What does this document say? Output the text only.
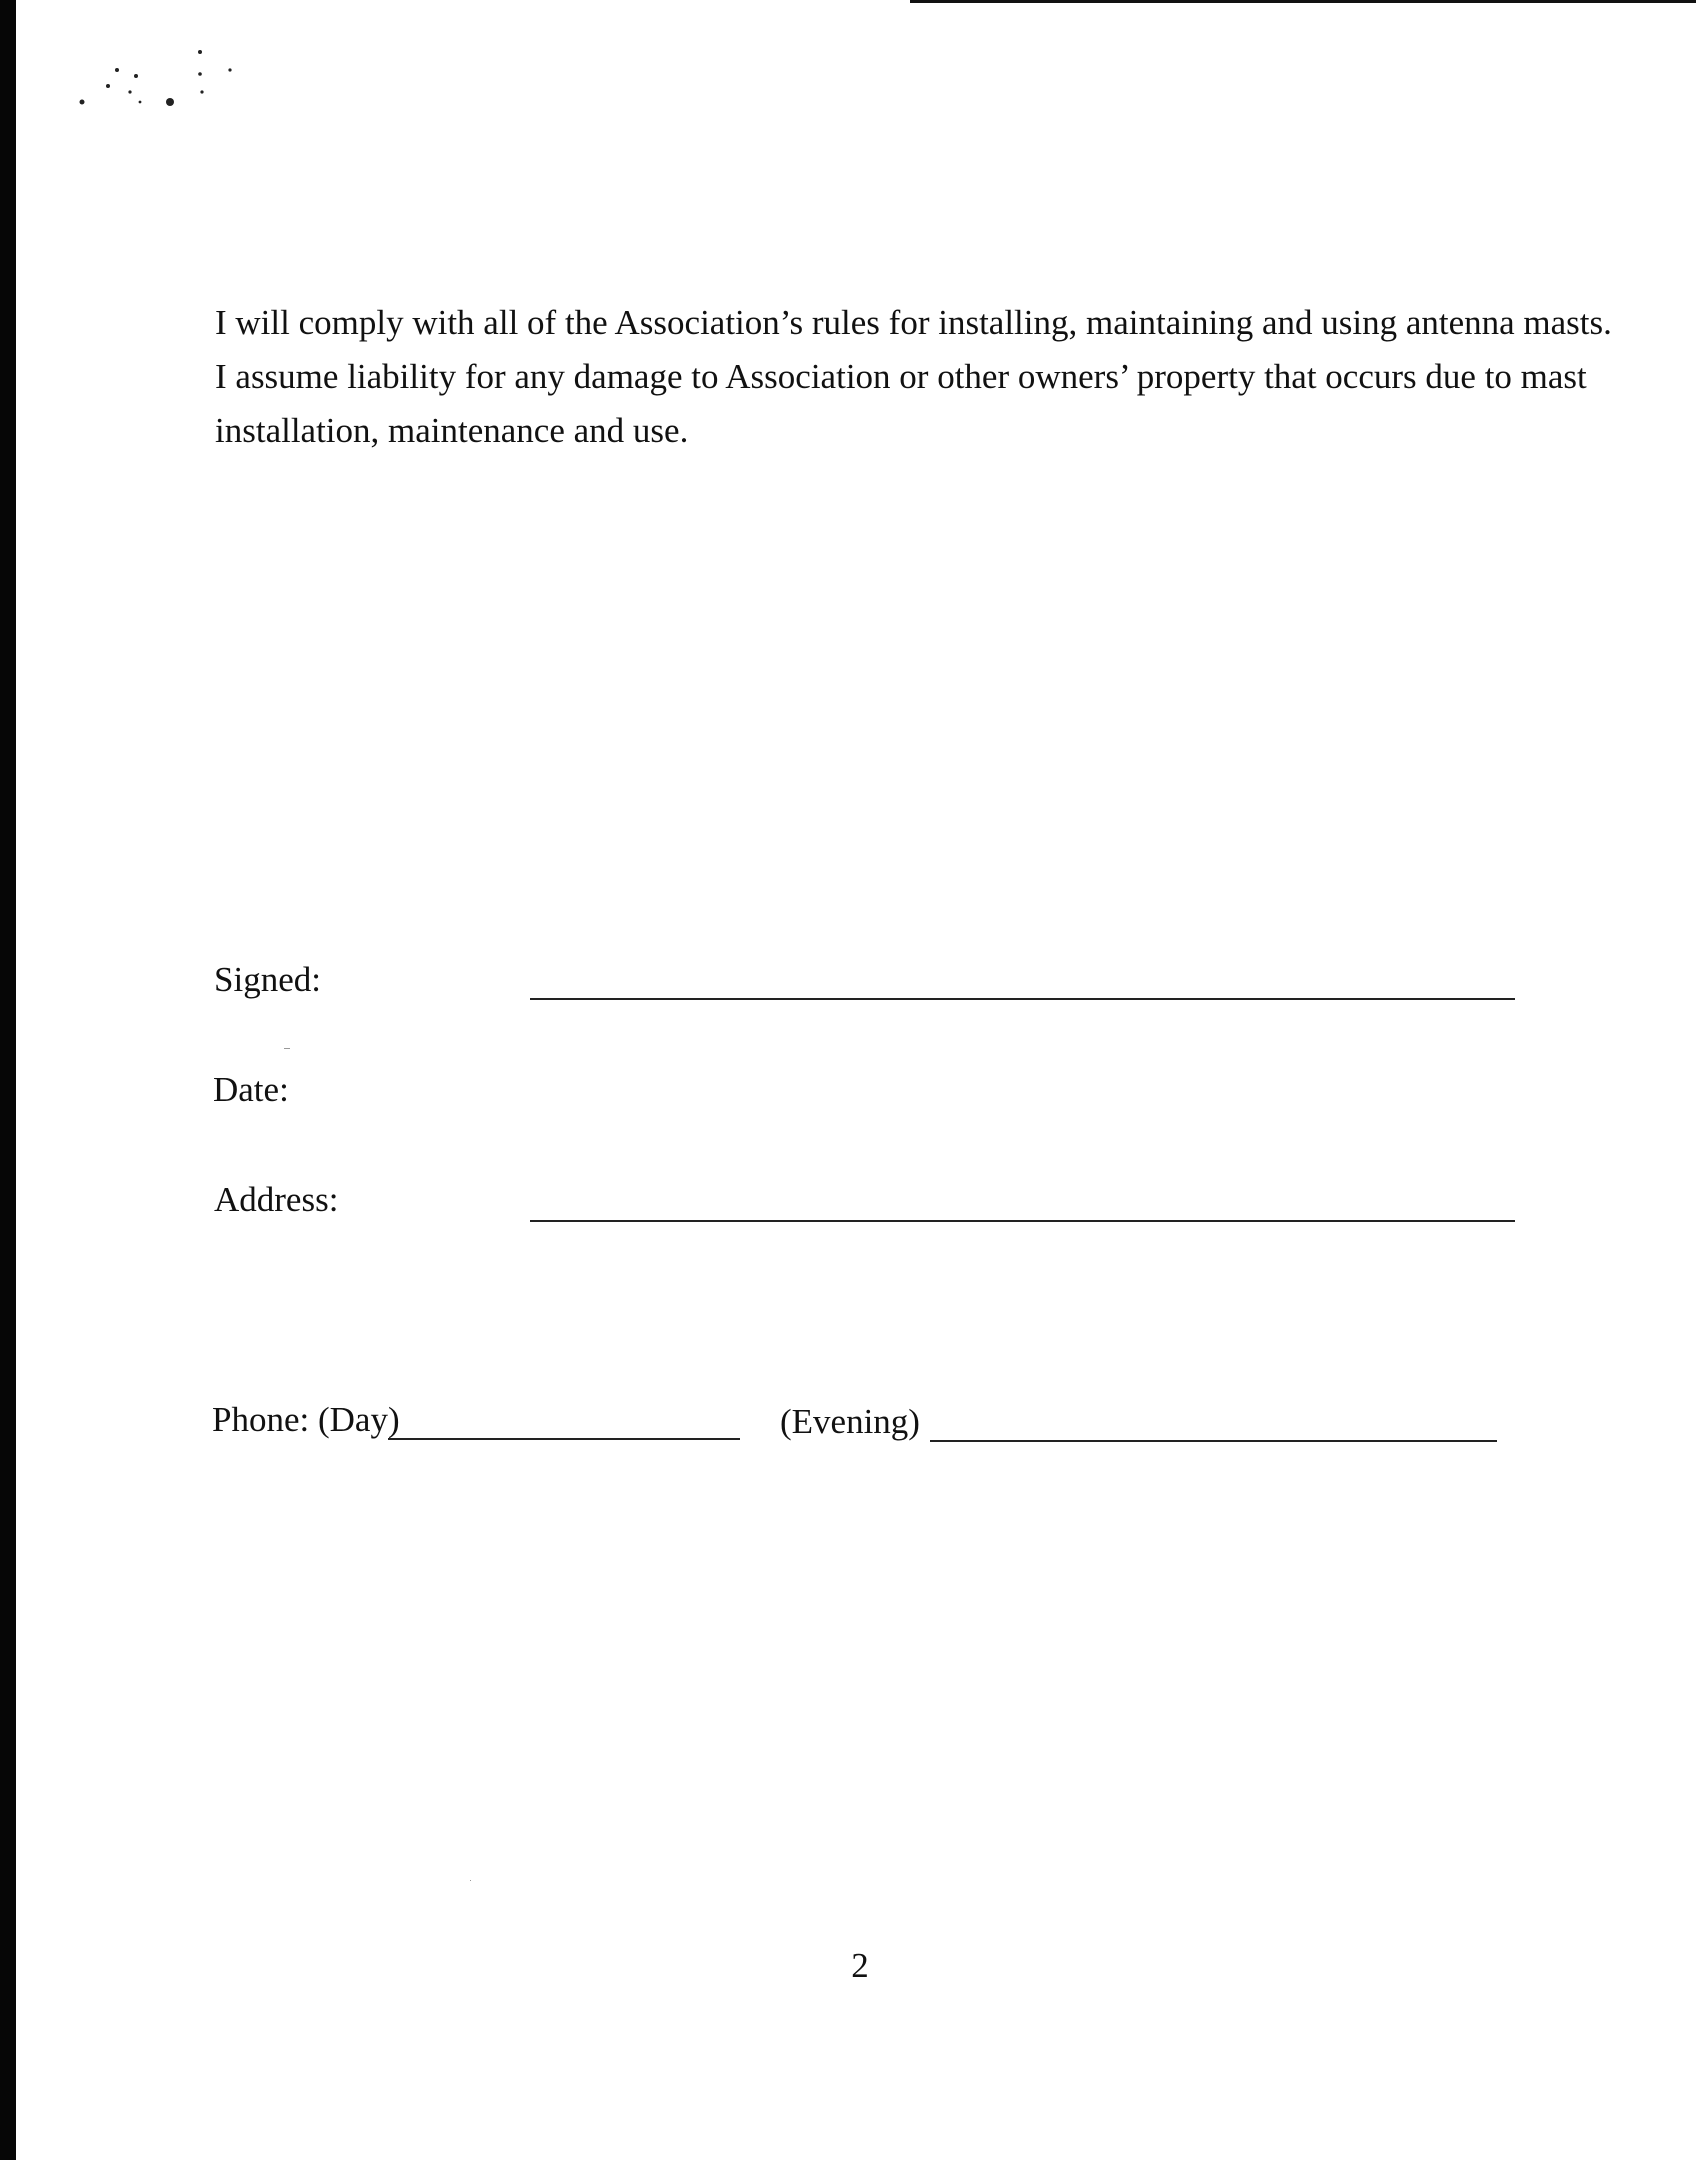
I will comply with all of the Association’s rules for installing, maintaining and using antenna masts.

I assume liability for any damage to Association or other owners’ property that occurs due to mast

installation, maintenance and use.

Signed:
Date:
Address:
Phone: (Day)	(Evening)
2
